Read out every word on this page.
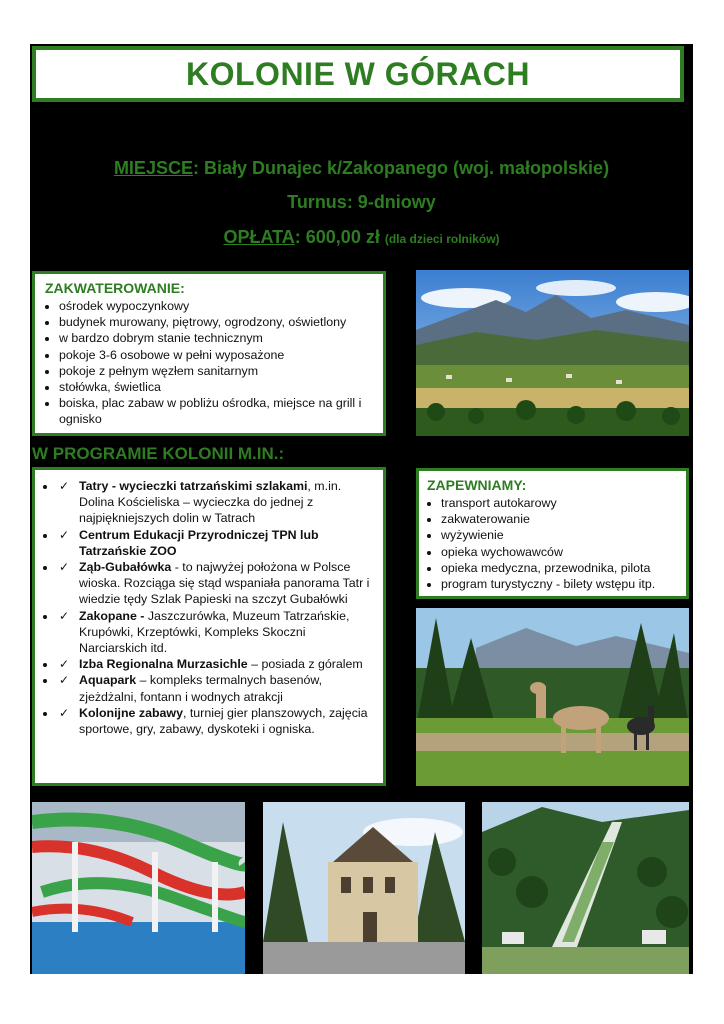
KOLONIE W GÓRACH
MIEJSCE: Biały Dunajec k/Zakopanego (woj. małopolskie)
Turnus: 9-dniowy
OPŁATA: 600,00 zł (dla dzieci rolników)
ZAKWATEROWANIE:
• ośrodek wypoczynkowy
• budynek murowany, piętrowy, ogrodzony, oświetlony
• w bardzo dobrym stanie technicznym
• pokoje 3-6 osobowe w pełni wyposażone
• pokoje z pełnym węzłem sanitarnym
• stołówka, świetlica
• boiska, plac zabaw w pobliżu ośrodka, miejsce na grill i ognisko
W PROGRAMIE KOLONII M.IN.:
• ✓ Tatry - wycieczki tatrzańskimi szlakami, m.in. Dolina Kościeliska – wycieczka do jednej z najpiękniejszych dolin w Tatrach
• ✓ Centrum Edukacji Przyrodniczej TPN lub Tatrzańskie ZOO
• ✓ Ząb-Gubałówka - to najwyżej położona w Polsce wioska. Rozciąga się stąd wspaniała panorama Tatr i wiedzie tędy Szlak Papieski na szczyt Gubałówki
• ✓ Zakopane - Jaszczurówka, Muzeum Tatrzańskie, Krupówki, Krzeptówki, Kompleks Skoczni Narciarskich itd.
• ✓ Izba Regionalna Murzasichle – posiada z góralem
• ✓ Aquapark – kompleks termalnych basenów, zjeżdżalni, fontann i wodnych atrakcji
• ✓ Kolonijne zabawy, turniej gier planszowych, zajęcia sportowe, gry, zabawy, dyskoteki i ogniska.
ZAPEWNIAMY:
• transport autokarowy
• zakwaterowanie
• wyżywienie
• opieka wychowawców
• opieka medyczna, przewodnika, pilota
• program turystyczny - bilety wstępu itp.
